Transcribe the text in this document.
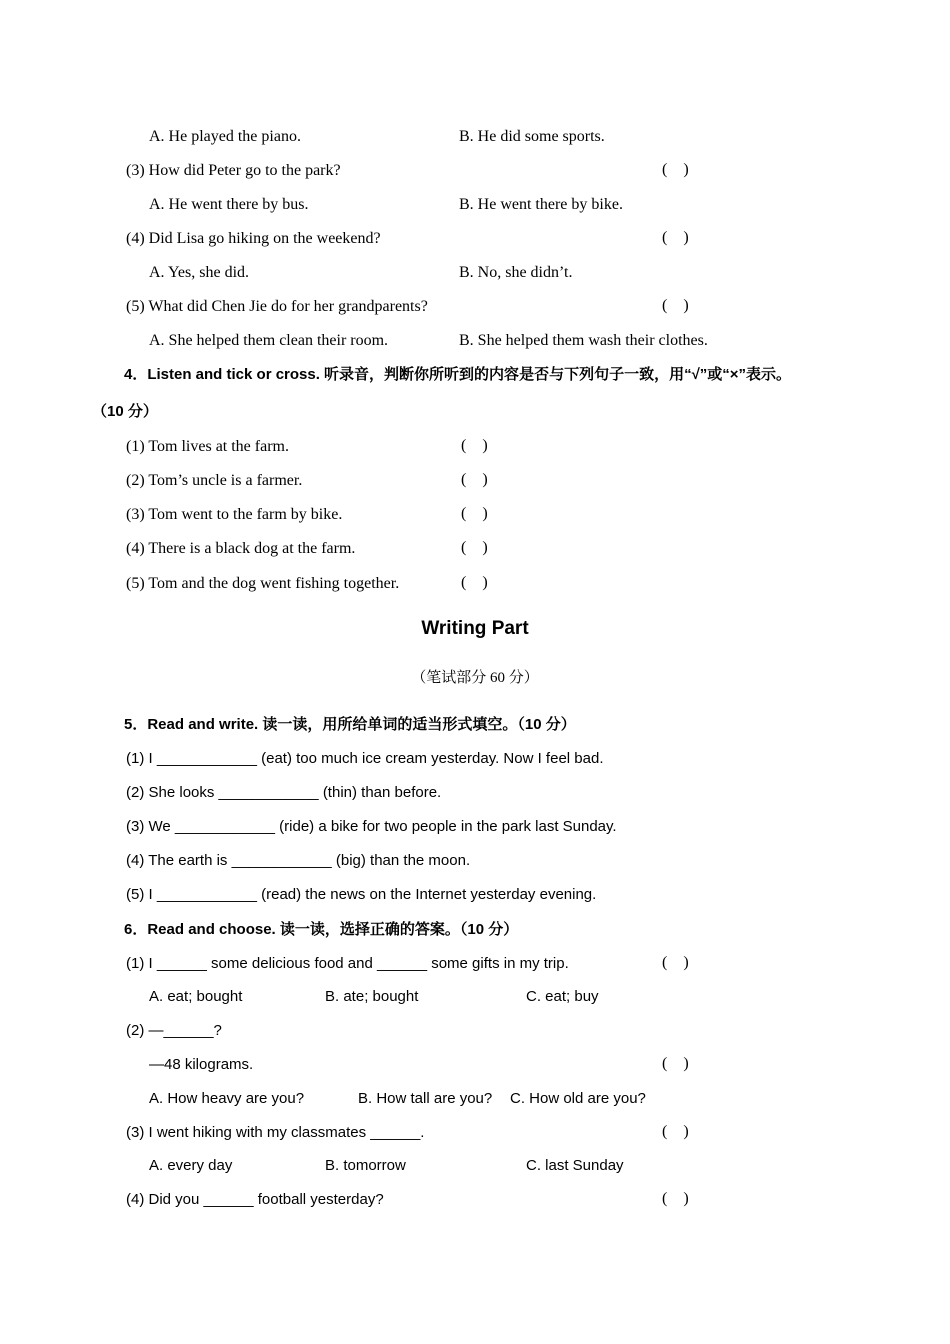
A. He played the piano.	B. He did some sports.
(3) How did Peter go to the park?	(    )
A. He went there by bus.	B. He went there by bike.
(4) Did Lisa go hiking on the weekend?	(    )
A. Yes, she did.	B. No, she didn’t.
(5) What did Chen Jie do for her grandparents?	(    )
A. She helped them clean their room.	B. She helped them wash their clothes.
4．Listen and tick or cross. 听录音，判断你所听到的内容是否与下列句子一致，用“√”或“×”表示。
（10 分）
(1) Tom lives at the farm.	(    )
(2) Tom’s uncle is a farmer.	(    )
(3) Tom went to the farm by bike.	(    )
(4) There is a black dog at the farm.	(    )
(5) Tom and the dog went fishing together.	(    )
Writing Part
（笔试部分 60 分）
5．Read and write. 读一读，用所给单词的适当形式填空。（10 分）
(1) I ____________ (eat) too much ice cream yesterday. Now I feel bad.
(2) She looks ____________ (thin) than before.
(3) We ____________ (ride) a bike for two people in the park last Sunday.
(4) The earth is ____________ (big) than the moon.
(5) I ____________ (read) the news on the Internet yesterday evening.
6．Read and choose. 读一读，选择正确的答案。（10 分）
(1) I ______ some delicious food and ______ some gifts in my trip.	(    )
A. eat; bought	B. ate; bought	C. eat; buy
(2) —______?
—48 kilograms.	(    )
A. How heavy are you?	B. How tall are you? C. How old are you?
(3) I went hiking with my classmates ______.	(    )
A. every day	B. tomorrow	C. last Sunday
(4) Did you ______ football yesterday?	(    )
